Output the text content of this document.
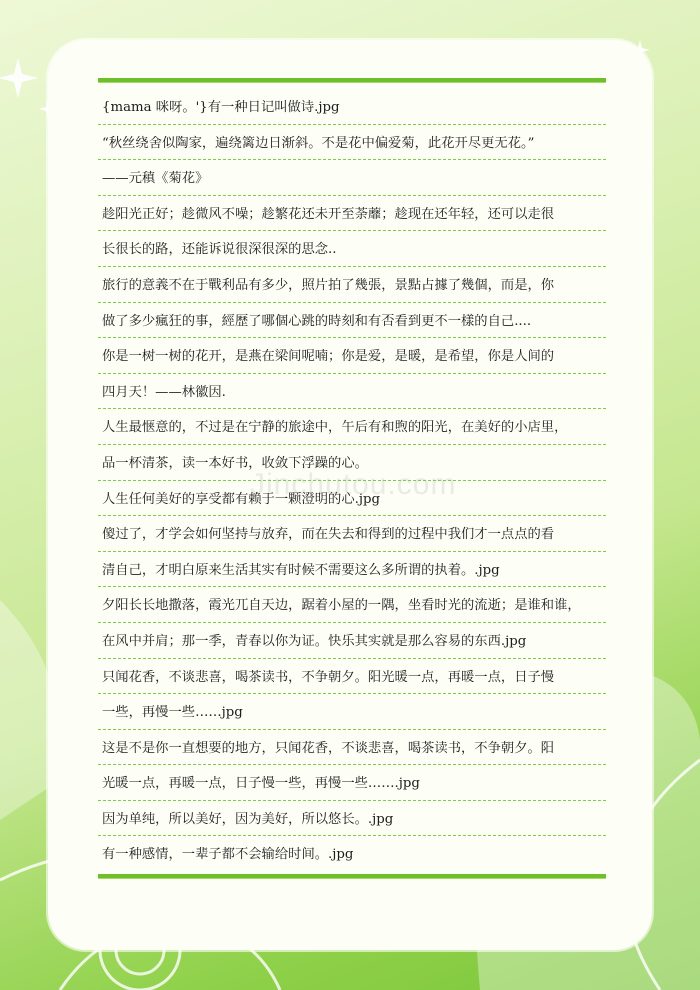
Jinchutou.com
{mama 咪呀。'}有一种日记叫做诗.jpg
“秋丝绕舍似陶家，遍绕篱边日渐斜。不是花中偏爱菊，此花开尽更无花。”
——元稹《菊花》
趁阳光正好；趁微风不噪；趁繁花还未开至荼蘼；趁现在还年轻，还可以走很
长很长的路，还能诉说很深很深的思念..
旅行的意義不在于戰利品有多少，照片拍了幾張，景點占據了幾個，而是，你
做了多少瘋狂的事，經歷了哪個心跳的時刻和有否看到更不一樣的自己....
你是一树一树的花开，是燕在梁间呢喃；你是爱，是暖，是希望，你是人间的
四月天！——林徽因.
人生最惬意的，不过是在宁静的旅途中，午后有和煦的阳光，在美好的小店里，
品一杯清茶，读一本好书，收敛下浮躁的心。
人生任何美好的享受都有赖于一颗澄明的心.jpg
傻过了，才学会如何坚持与放弃，而在失去和得到的过程中我们才一点点的看
清自己，才明白原来生活其实有时候不需要这么多所谓的执着。.jpg
夕阳长长地撒落，霞光兀自天边，踞着小屋的一隅，坐看时光的流逝；是谁和谁，
在风中并肩；那一季，青春以你为证。快乐其实就是那么容易的东西.jpg
只闻花香，不谈悲喜，喝茶读书，不争朝夕。阳光暖一点，再暖一点，日子慢
一些，再慢一些……jpg
这是不是你一直想要的地方，只闻花香，不谈悲喜，喝茶读书，不争朝夕。阳
光暖一点，再暖一点，日子慢一些，再慢一些…….jpg
因为单纯，所以美好，因为美好，所以悠长。.jpg
有一种感情，一辈子都不会输给时间。.jpg
